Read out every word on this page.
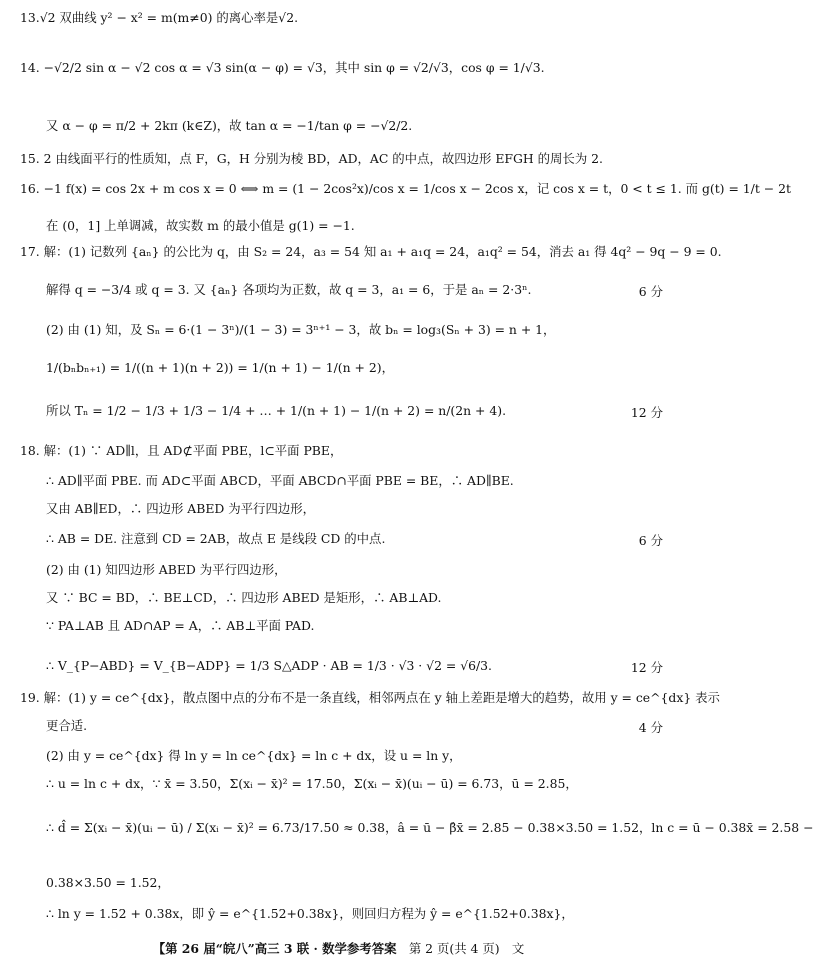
13.√2 双曲线 y² − x² = m(m≠0) 的离心率是√2.
14. −√2/2 sin α − √2 cos α = √3 sin(α − φ) = √3，其中 sin φ = √2/√3，cos φ = 1/√3.
又 α − φ = π/2 + 2kπ (k∈Z)，故 tan α = −1/tan φ = −√2/2.
15. 2 由线面平行的性质知，点 F，G，H 分别为棱 BD，AD，AC 的中点，故四边形 EFGH 的周长为 2.
16. −1 f(x) = cos 2x + m cos x = 0 ⟺ m = (1 − 2cos²x)/cos x = 1/cos x − 2cos x，记 cos x = t，0 < t ≤ 1. 而 g(t) = 1/t − 2t
在 (0，1] 上单调减，故实数 m 的最小值是 g(1) = −1.
17. 解：(1) 记数列 {aₙ} 的公比为 q，由 S₂ = 24，a₃ = 54 知 a₁ + a₁q = 24，a₁q² = 54，消去 a₁ 得 4q² − 9q − 9 = 0.
解得 q = −3/4 或 q = 3. 又 {aₙ} 各项均为正数，故 q = 3，a₁ = 6，于是 aₙ = 2·3ⁿ.	6 分
(2) 由 (1) 知，及 Sₙ = 6·(1 − 3ⁿ)/(1 − 3) = 3ⁿ⁺¹ − 3，故 bₙ = log₃(Sₙ + 3) = n + 1，
1/(bₙbₙ₊₁) = 1/((n + 1)(n + 2)) = 1/(n + 1) − 1/(n + 2)，
所以 Tₙ = 1/2 − 1/3 + 1/3 − 1/4 + … + 1/(n + 1) − 1/(n + 2) = n/(2n + 4).	12 分
18. 解：(1) ∵ AD∥l，且 AD⊄平面 PBE，l⊂平面 PBE，
∴ AD∥平面 PBE. 而 AD⊂平面 ABCD，平面 ABCD∩平面 PBE = BE，∴ AD∥BE.
又由 AB∥ED，∴ 四边形 ABED 为平行四边形，
∴ AB = DE. 注意到 CD = 2AB，故点 E 是线段 CD 的中点.	6 分
(2) 由 (1) 知四边形 ABED 为平行四边形，
又 ∵ BC = BD，∴ BE⊥CD，∴ 四边形 ABED 是矩形，∴ AB⊥AD.
∵ PA⊥AB 且 AD∩AP = A，∴ AB⊥平面 PAD.
∴ V_{P−ABD} = V_{B−ADP} = 1/3 S△ADP · AB = 1/3 · √3 · √2 = √6/3.	12 分
19. 解：(1) y = ce^{dx}，散点图中点的分布不是一条直线，相邻两点在 y 轴上差距是增大的趋势，故用 y = ce^{dx} 表示
更合适.	4 分
(2) 由 y = ce^{dx} 得 ln y = ln ce^{dx} = ln c + dx，设 u = ln y，
∴ u = ln c + dx，∵ x̄ = 3.50，Σ(xᵢ − x̄)² = 17.50，Σ(xᵢ − x̄)(uᵢ − ū) = 6.73，ū = 2.85，
∴ d̂ = Σ(xᵢ − x̄)(uᵢ − ū) / Σ(xᵢ − x̄)² = 6.73/17.50 ≈ 0.38，â = ū − β̂x̄ = 2.85 − 0.38×3.50 = 1.52，ln c = ū − 0.38x̄ = 2.58 −
0.38×3.50 = 1.52，
∴ ln y = 1.52 + 0.38x，即 ŷ = e^{1.52+0.38x}，则回归方程为 ŷ = e^{1.52+0.38x}，
【第 26 届“皖八”高三 3 联 · 数学参考答案 第 2 页(共 4 页) 文
